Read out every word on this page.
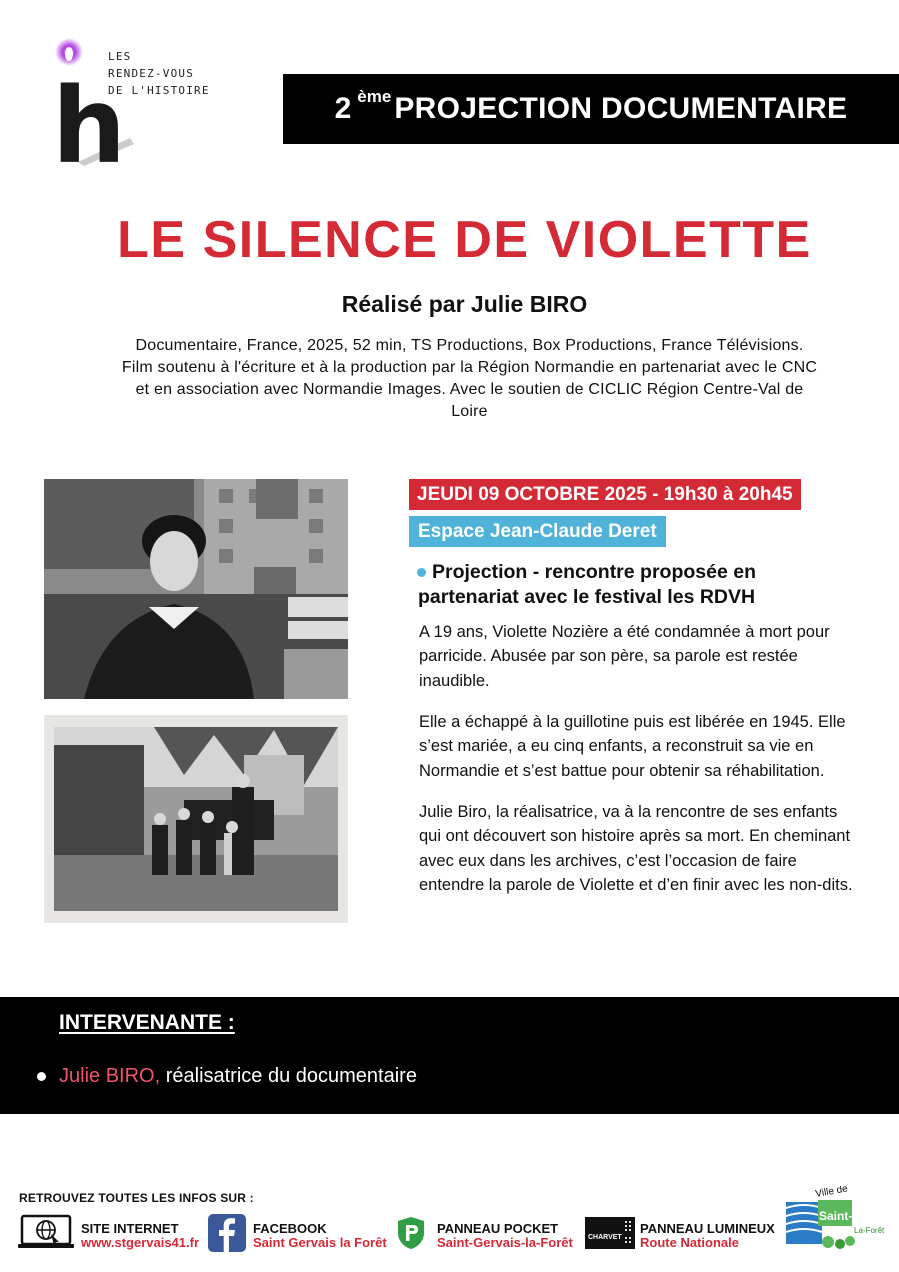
h
LES
RENDEZ-VOUS
DE L'HISTOIRE
2 ème PROJECTION DOCUMENTAIRE
LE SILENCE DE VIOLETTE
Réalisé par Julie BIRO
Documentaire, France, 2025, 52 min, TS Productions, Box Productions, France Télévisions. Film soutenu à l'écriture et à la production par la Région Normandie en partenariat avec le CNC et en association avec Normandie Images. Avec le soutien de CICLIC Région Centre-Val de Loire
JEUDI 09 OCTOBRE 2025 - 19h30 à 20h45
Espace Jean-Claude Deret
Projection - rencontre proposée en partenariat avec le festival les RDVH
A 19 ans, Violette Nozière a été condamnée à mort pour parricide. Abusée par son père, sa parole est restée inaudible.
Elle a échappé à la guillotine puis est libérée en 1945. Elle s’est mariée, a eu cinq enfants, a reconstruit sa vie en Normandie et s’est battue pour obtenir sa réhabilitation.
Julie Biro, la réalisatrice, va à la rencontre de ses enfants qui ont découvert son histoire après sa mort. En cheminant avec eux dans les archives, c’est l’occasion de faire entendre la parole de Violette et d’en finir avec les non-dits.
INTERVENANTE :
Julie BIRO, réalisatrice du documentaire
RETROUVEZ TOUTES LES INFOS SUR :
SITE INTERNET
www.stgervais41.fr
FACEBOOK
Saint Gervais la Forêt
PANNEAU POCKET
Saint-Gervais-la-Forêt CHARVET
PANNEAU LUMINEUX
Route Nationale
Ville de
Saint-Gervais
La-Forêt
